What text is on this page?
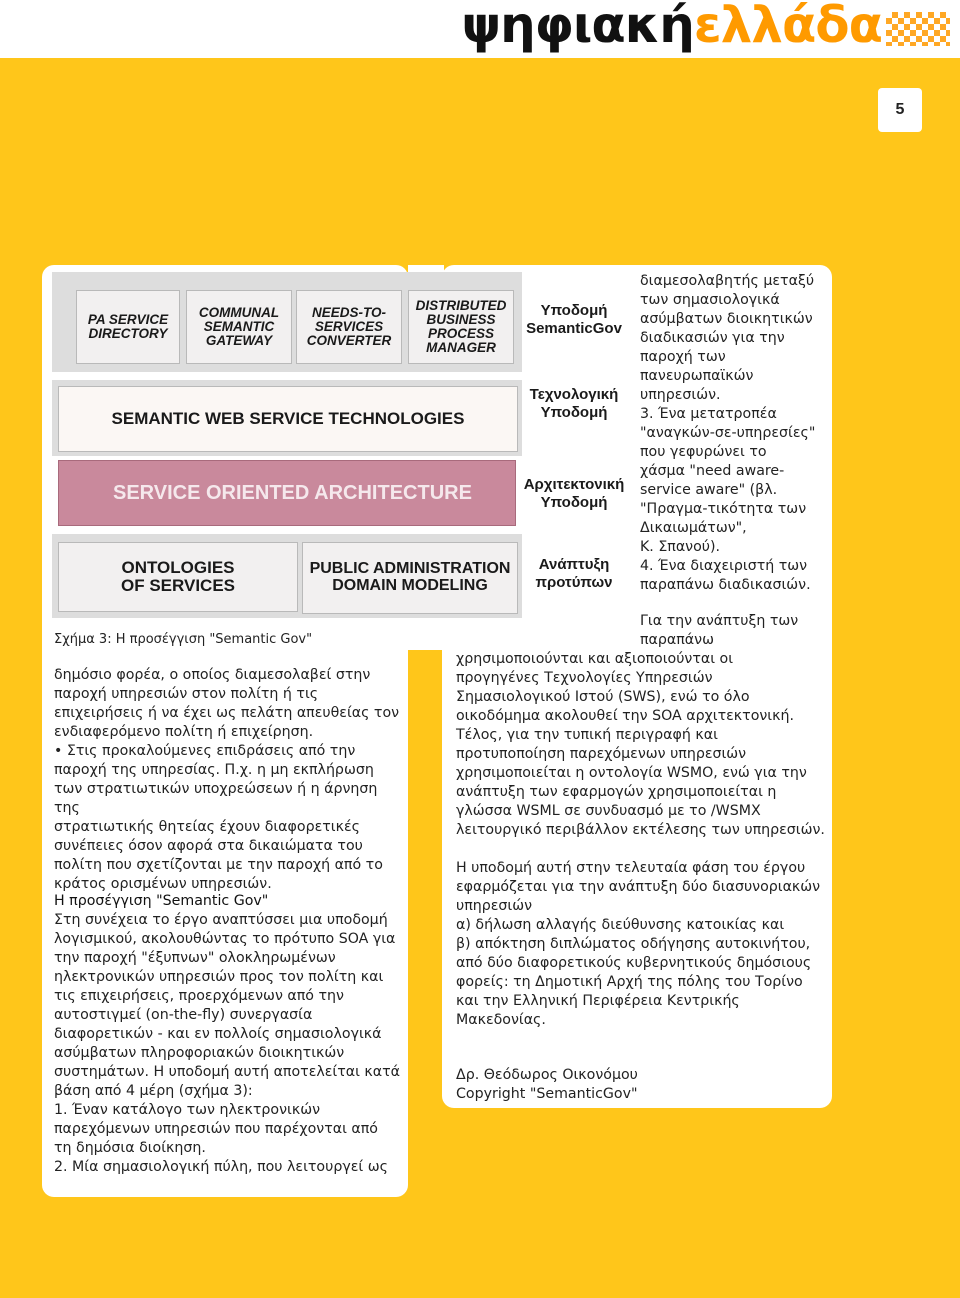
ψηφιακήελλάδα
5
PA SERVICE
DIRECTORY
COMMUNAL
SEMANTIC
GATEWAY
NEEDS-TO-
SERVICES
CONVERTER
DISTRIBUTED
BUSINESS
PROCESS
MANAGER
SEMANTIC WEB SERVICE TECHNOLOGIES
SERVICE ORIENTED ARCHITECTURE
ONTOLOGIES
OF SERVICES
PUBLIC ADMINISTRATION
DOMAIN MODELING
Υποδομή
SemanticGov
Τεχνολογική
Υποδομή
Αρχιτεκτονική
Υποδομή
Ανάπτυξη
προτύπων
Σχήμα 3: Η προσέγγιση "Semantic Gov"
δημόσιο φορέα, ο οποίος διαμεσολαβεί στην
παροχή υπηρεσιών στον πολίτη ή τις
επιχειρήσεις ή να έχει ως πελάτη απευθείας τον
ενδιαφερόμενο πολίτη ή επιχείρηση.
• Στις προκαλούμενες επιδράσεις από την
παροχή της υπηρεσίας. Π.χ. η μη εκπλήρωση
των στρατιωτικών υποχρεώσεων ή η άρνηση της
στρατιωτικής θητείας έχουν διαφορετικές
συνέπειες όσον αφορά στα δικαιώματα του
πολίτη που σχετίζονται με την παροχή από το
κράτος ορισμένων υπηρεσιών.
Η προσέγγιση "Semantic Gov"
Στη συνέχεια το έργο αναπτύσσει μια υποδομή
λογισμικού, ακολουθώντας το πρότυπο SOA για
την παροχή "έξυπνων" ολοκληρωμένων
ηλεκτρονικών υπηρεσιών προς τον πολίτη και
τις επιχειρήσεις, προερχόμενων από την
αυτοστιγμεί (on-the-fly) συνεργασία
διαφορετικών - και εν πολλοίς σημασιολογικά
ασύμβατων πληροφοριακών διοικητικών
συστημάτων. Η υποδομή αυτή αποτελείται κατά
βάση από 4 μέρη (σχήμα 3):
1. Έναν κατάλογο των ηλεκτρονικών
παρεχόμενων υπηρεσιών που παρέχονται από
τη δημόσια διοίκηση.
2. Μία σημασιολογική πύλη, που λειτουργεί ως
διαμεσολαβητής μεταξύ
των σημασιολογικά
ασύμβατων διοικητικών
διαδικασιών για την
παροχή των
πανευρωπαϊκών
υπηρεσιών.
3. Ένα μετατροπέα
"αναγκών-σε-υπηρεσίες"
που γεφυρώνει το
χάσμα "need aware-
service aware" (βλ.
"Πραγμα-τικότητα των
Δικαιωμάτων",
Κ. Σπανού).
4. Ένα διαχειριστή των
παραπάνω διαδικασιών.
Για την ανάπτυξη των
παραπάνω
χρησιμοποιούνται και αξιοποιούνται οι
προγηγένες Τεχνολογίες Υπηρεσιών
Σημασιολογικού Ιστού (SWS), ενώ το όλο
οικοδόμημα ακολουθεί την SOA αρχιτεκτονική.
Τέλος, για την τυπική περιγραφή και
προτυποποίηση παρεχόμενων υπηρεσιών
χρησιμοποιείται η οντολογία WSMO, ενώ για την
ανάπτυξη των εφαρμογών χρησιμοποιείται η
γλώσσα WSML σε συνδυασμό με το /WSMX
λειτουργικό περιβάλλον εκτέλεσης των υπηρεσιών.
Η υποδομή αυτή στην τελευταία φάση του έργου
εφαρμόζεται για την ανάπτυξη δύο διασυνοριακών
υπηρεσιών
α) δήλωση αλλαγής διεύθυνσης κατοικίας και
β) απόκτηση διπλώματος οδήγησης αυτοκινήτου,
από δύο διαφορετικούς κυβερνητικούς δημόσιους
φορείς: τη Δημοτική Αρχή της πόλης του Τορίνο
και την Ελληνική Περιφέρεια Κεντρικής
Μακεδονίας.
Δρ. Θεόδωρος Οικονόμου
Copyright "SemanticGov"
